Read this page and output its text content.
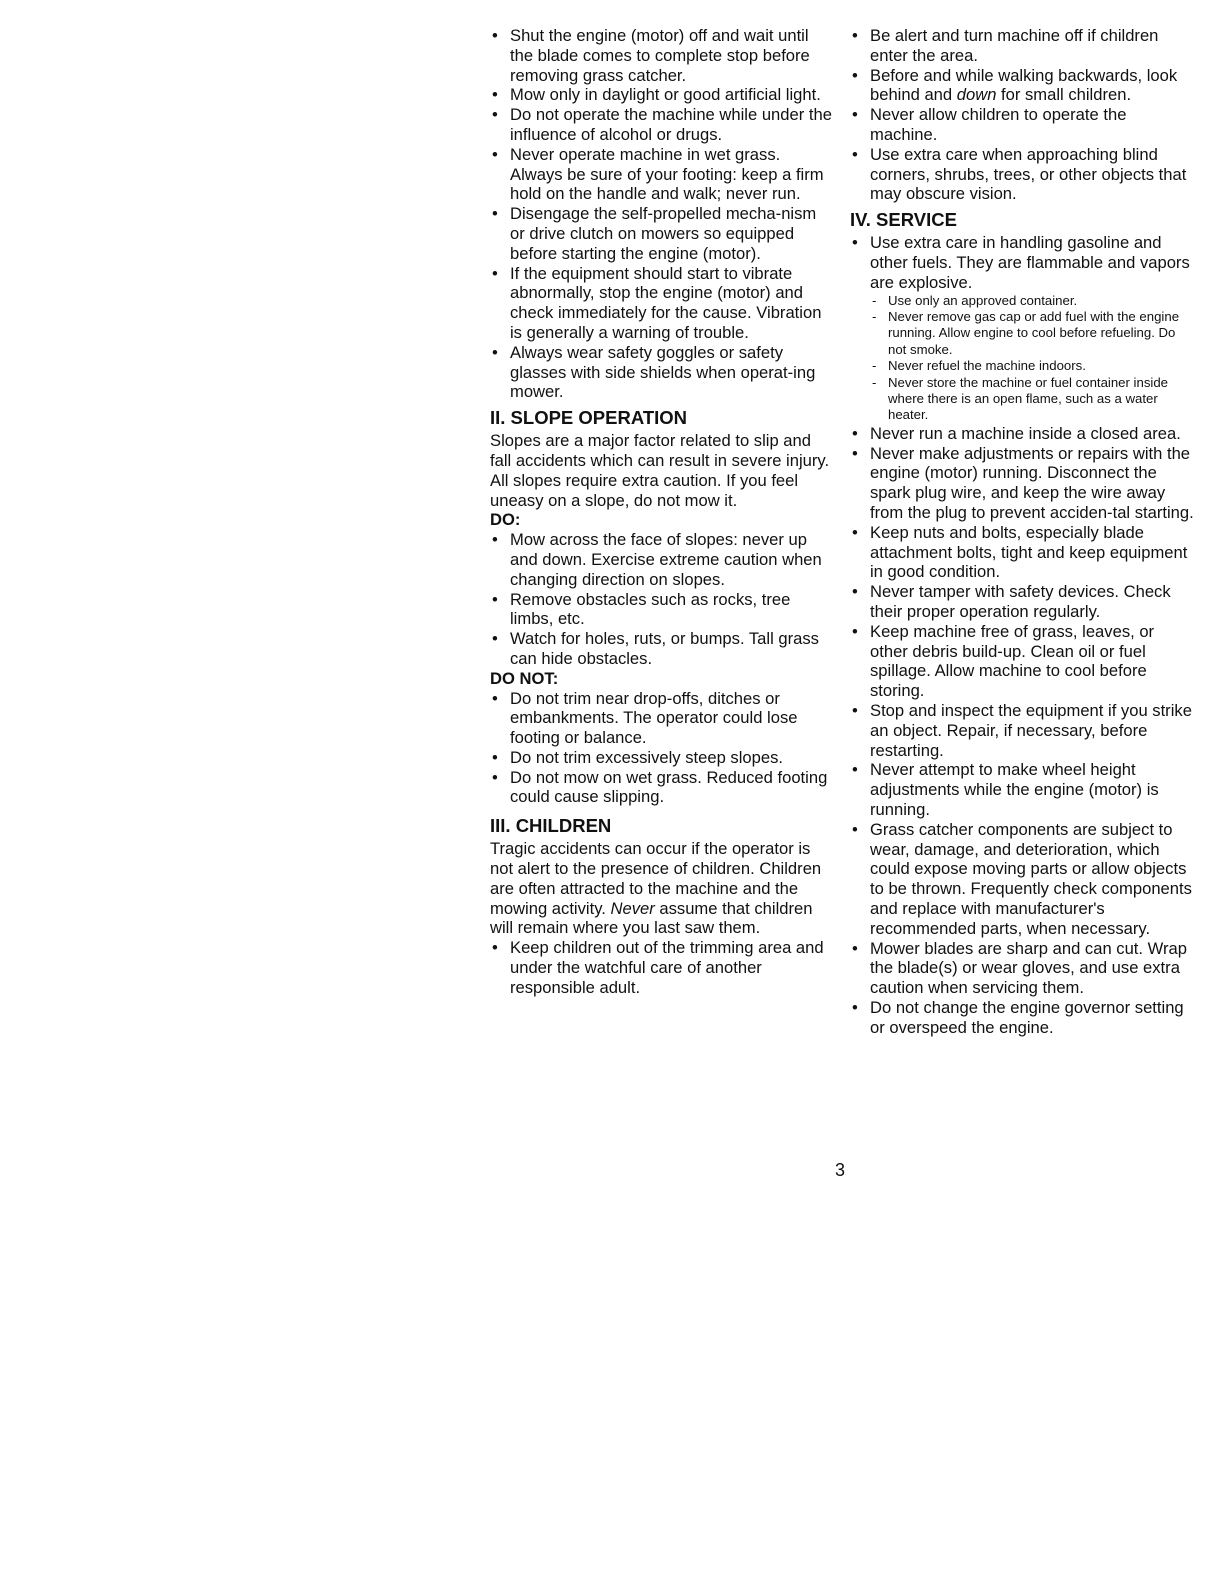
• Shut the engine (motor) off and wait until the blade comes to complete stop before removing grass catcher.
• Mow only in daylight or good artificial light.
• Do not operate the machine while under the influence of alcohol or drugs.
• Never operate machine in wet grass. Always be sure of your footing: keep a firm hold on the handle and walk; never run.
• Disengage the self-propelled mecha-nism or drive clutch on mowers so equipped before starting the engine (motor).
• If the equipment should start to vibrate abnormally, stop the engine (motor) and check immediately for the cause. Vibration is generally a warning of trouble.
• Always wear safety goggles or safety glasses with side shields when operat-ing mower.
II. SLOPE OPERATION

Slopes are a major factor related to slip and fall accidents which can result in severe injury. All slopes require extra caution. If you feel uneasy on a slope, do not mow it.

DO:
• Mow across the face of slopes: never up and down. Exercise extreme caution when changing direction on slopes.
• Remove obstacles such as rocks, tree limbs, etc.
• Watch for holes, ruts, or bumps. Tall grass can hide obstacles.
DO NOT:
• Do not trim near drop-offs, ditches or embankments. The operator could lose footing or balance.
• Do not trim excessively steep slopes.
• Do not mow on wet grass. Reduced footing could cause slipping.
III. CHILDREN

Tragic accidents can occur if the operator is not alert to the presence of children. Children are often attracted to the machine and the mowing activity. Never assume that children will remain where you last saw them.

• Keep children out of the trimming area and under the watchful care of another responsible adult.
• Be alert and turn machine off if children enter the area.
• Before and while walking backwards, look behind and down for small children.
• Never allow children to operate the machine.
• Use extra care when approaching blind corners, shrubs, trees, or other objects that may obscure vision.
IV. SERVICE
• Use extra care in handling gasoline and other fuels. They are flammable and vapors are explosive.
- Use only an approved container.
- Never remove gas cap or add fuel with the engine running. Allow engine to cool before refueling. Do not smoke.
- Never refuel the machine indoors.
- Never store the machine or fuel container inside where there is an open flame, such as a water heater.
• Never run a machine inside a closed area.
• Never make adjustments or repairs with the engine (motor) running. Disconnect the spark plug wire, and keep the wire away from the plug to prevent acciden-tal starting.
• Keep nuts and bolts, especially blade attachment bolts, tight and keep equipment in good condition.
• Never tamper with safety devices. Check their proper operation regularly.
• Keep machine free of grass, leaves, or other debris build-up. Clean oil or fuel spillage. Allow machine to cool before storing.
• Stop and inspect the equipment if you strike an object. Repair, if necessary, before restarting.
• Never attempt to make wheel height adjustments while the engine (motor) is running.
• Grass catcher components are subject to wear, damage, and deterioration, which could expose moving parts or allow objects to be thrown. Frequently check components and replace with manufacturer's recommended parts, when necessary.
• Mower blades are sharp and can cut. Wrap the blade(s) or wear gloves, and use extra caution when servicing them.
• Do not change the engine governor setting or overspeed the engine.
3
